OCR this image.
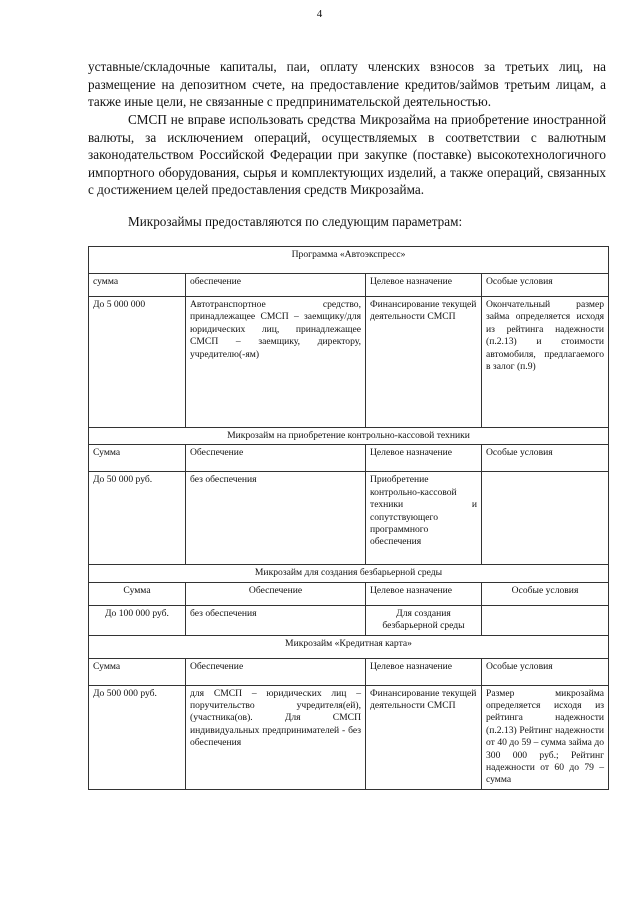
4

уставные/складочные капиталы, паи, оплату членских взносов за третьих лиц, на размещение на депозитном счете, на предоставление кредитов/займов третьим лицам, а также иные цели, не связанные с предпринимательской деятельностью.

СМСП не вправе использовать средства Микрозайма на приобретение иностранной валюты, за исключением операций, осуществляемых в соответствии с валютным законодательством Российской Федерации при закупке (поставке) высокотехнологичного импортного оборудования, сырья и комплектующих изделий, а также операций, связанных с достижением целей предоставления средств Микрозайма.

Микрозаймы предоставляются по следующим параметрам:

Программа «Автоэкспресс»			
сумма	обеспечение	Целевое назначение	Особые условия
До 5 000 000	Автотранспортное средство, принадлежащее СМСП – заемщику/для юридических лиц, принадлежащее СМСП – заемщику, директору, учредителю(-ям)	Финансирование текущей деятельности СМСП	Окончательный размер займа определяется исходя из рейтинга надежности (п.2.13) и стоимости автомобиля, предлагаемого в залог (п.9)
Микрозайм на приобретение контрольно-кассовой техники			
Сумма	Обеспечение	Целевое назначение	Особые условия
До 50 000 руб.	без обеспечения	Приобретение контрольно-кассовой техники и сопутствующего программного обеспечения	
Микрозайм для создания безбарьерной среды			
Сумма	Обеспечение	Целевое назначение	Особые условия
До 100 000 руб.	без обеспечения	Для создания безбарьерной среды	
Микрозайм «Кредитная карта»			
Сумма	Обеспечение	Целевое назначение	Особые условия
До 500 000 руб.	для СМСП – юридических лиц – поручительство учредителя(ей), (участника(ов). Для СМСП индивидуальных предпринимателей - без обеспечения	Финансирование текущей деятельности СМСП	Размер микрозайма определяется исходя из рейтинга надежности (п.2.13) Рейтинг надежности от 40 до 59 – сумма займа до 300 000 руб.; Рейтинг надежности от 60 до 79 – сумма
